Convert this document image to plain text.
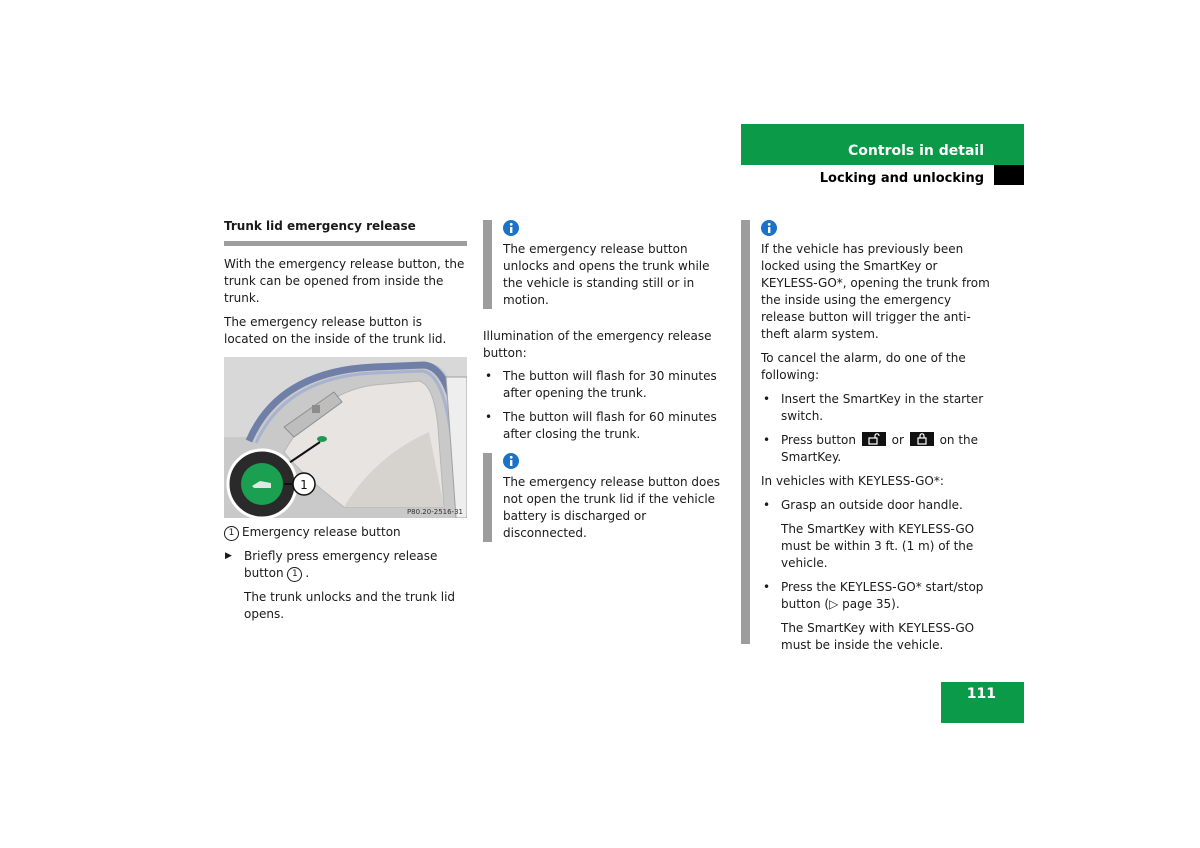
Controls in detail
Locking and unlocking
Trunk lid emergency release

With the emergency release button, the trunk can be opened from inside the trunk.

The emergency release button is located on the inside of the trunk lid.

1
P80.20-2516-31

1 Emergency release button

▶ Briefly press emergency release button 1 .

The trunk unlocks and the trunk lid opens.

The emergency release button unlocks and opens the trunk while the vehicle is standing still or in motion.

Illumination of the emergency release button:

• The button will flash for 30 minutes after opening the trunk.
• The button will flash for 60 minutes after closing the trunk.

The emergency release button does not open the trunk lid if the vehicle battery is discharged or disconnected.

If the vehicle has previously been locked using the SmartKey or KEYLESS-GO*, opening the trunk from the inside using the emergency release button will trigger the anti-theft alarm system.

To cancel the alarm, do one of the following:

• Insert the SmartKey in the starter switch.
• Press button	or	on the SmartKey.

In vehicles with KEYLESS-GO*:

• Grasp an outside door handle.

The SmartKey with KEYLESS-GO must be within 3 ft. (1 m) of the vehicle.

• Press the KEYLESS-GO* start/stop button (▷ page 35).

The SmartKey with KEYLESS-GO must be inside the vehicle.

111
